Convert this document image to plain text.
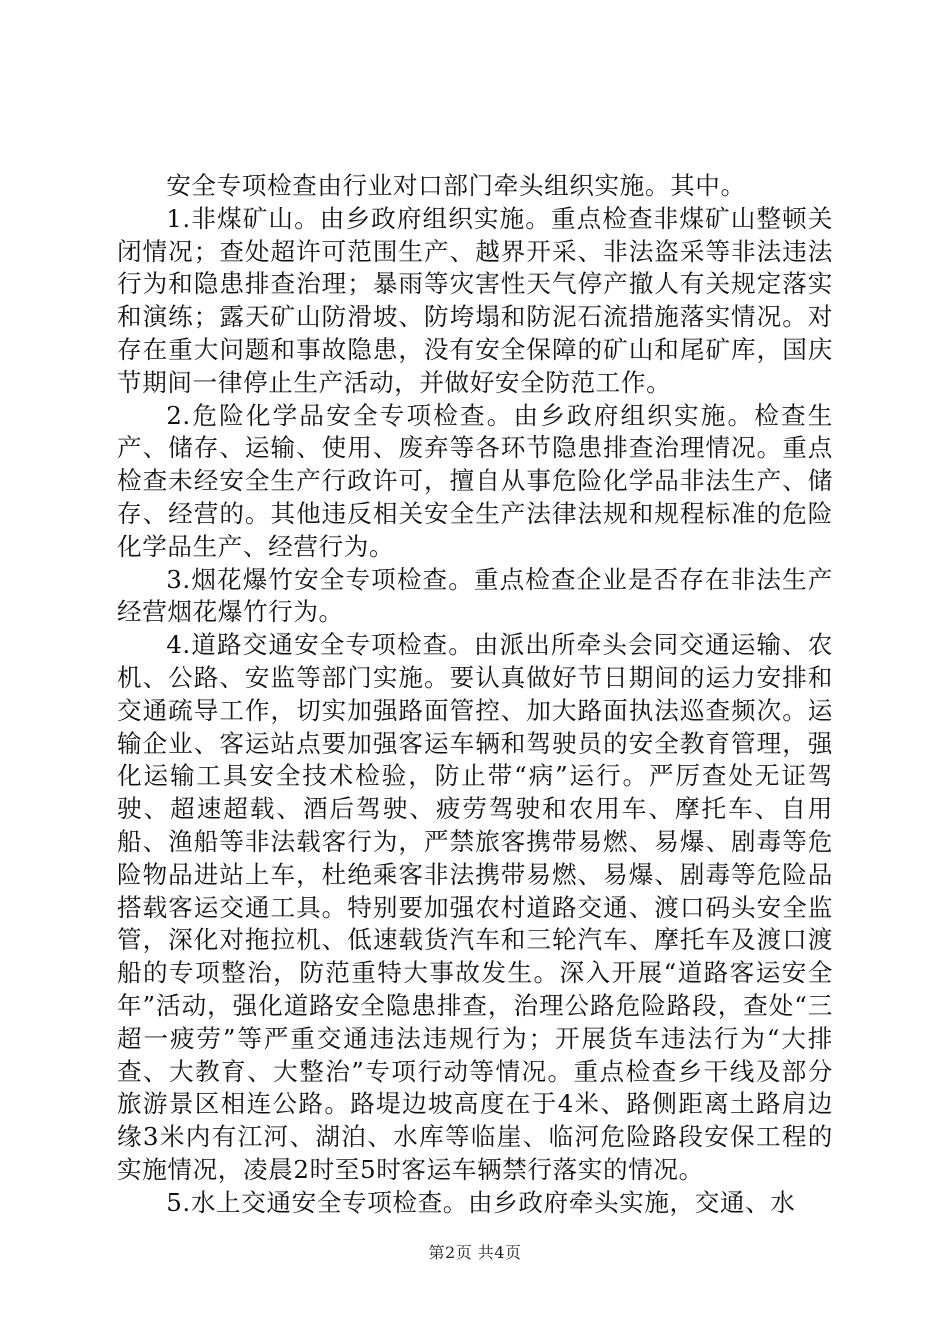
安全专项检查由行业对口部门牵头组织实施。其中。

1.非煤矿山。由乡政府组织实施。重点检查非煤矿山整顿关闭情况；查处超许可范围生产、越界开采、非法盗采等非法违法行为和隐患排查治理；暴雨等灾害性天气停产撤人有关规定落实和演练；露天矿山防滑坡、防垮塌和防泥石流措施落实情况。对存在重大问题和事故隐患，没有安全保障的矿山和尾矿库，国庆节期间一律停止生产活动，并做好安全防范工作。

2.危险化学品安全专项检查。由乡政府组织实施。检查生产、储存、运输、使用、废弃等各环节隐患排查治理情况。重点检查未经安全生产行政许可，擅自从事危险化学品非法生产、储存、经营的。其他违反相关安全生产法律法规和规程标准的危险化学品生产、经营行为。

3.烟花爆竹安全专项检查。重点检查企业是否存在非法生产经营烟花爆竹行为。

4.道路交通安全专项检查。由派出所牵头会同交通运输、农机、公路、安监等部门实施。要认真做好节日期间的运力安排和交通疏导工作，切实加强路面管控、加大路面执法巡查频次。运输企业、客运站点要加强客运车辆和驾驶员的安全教育管理，强化运输工具安全技术检验，防止带“病”运行。严厉查处无证驾驶、超速超载、酒后驾驶、疲劳驾驶和农用车、摩托车、自用船、渔船等非法载客行为，严禁旅客携带易燃、易爆、剧毒等危险物品进站上车，杜绝乘客非法携带易燃、易爆、剧毒等危险品搭载客运交通工具。特别要加强农村道路交通、渡口码头安全监管，深化对拖拉机、低速载货汽车和三轮汽车、摩托车及渡口渡船的专项整治，防范重特大事故发生。深入开展“道路客运安全年”活动，强化道路安全隐患排查，治理公路危险路段，查处“三超一疲劳”等严重交通违法违规行为；开展货车违法行为“大排查、大教育、大整治”专项行动等情况。重点检查乡干线及部分旅游景区相连公路。路堤边坡高度在于4米、路侧距离土路肩边缘3米内有江河、湖泊、水库等临崖、临河危险路段安保工程的实施情况，凌晨2时至5时客运车辆禁行落实的情况。

5.水上交通安全专项检查。由乡政府牵头实施，交通、水

第2页 共4页
